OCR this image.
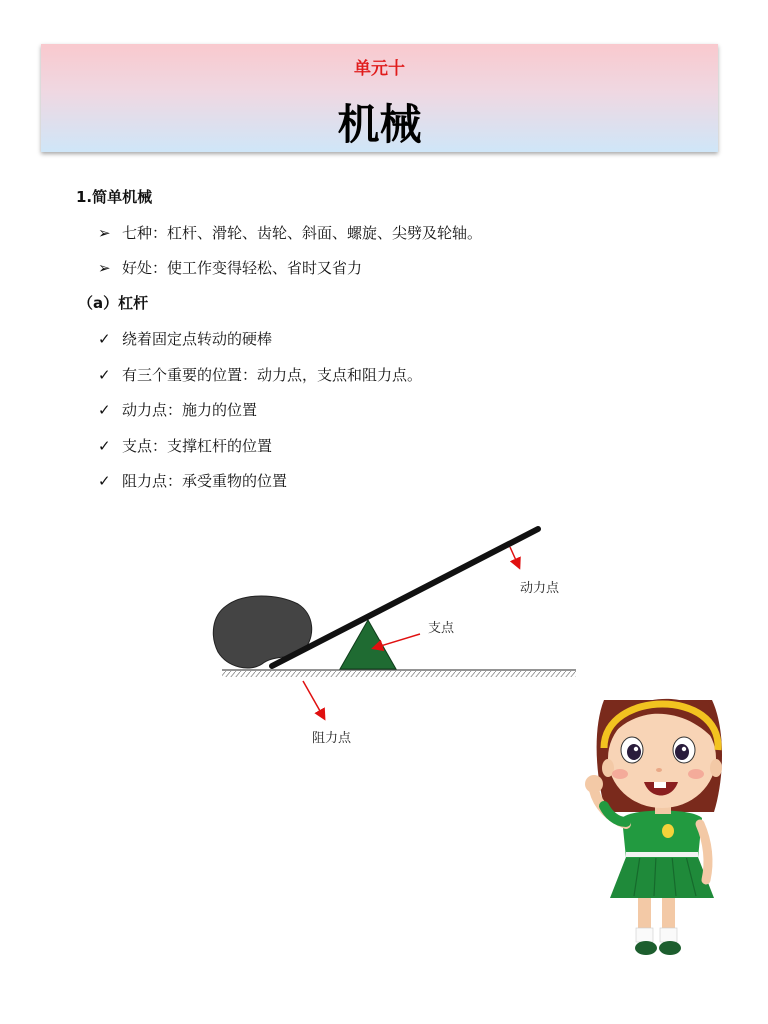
单元十
机械
1.简单机械
➢ 七种：杠杆、滑轮、齿轮、斜面、螺旋、尖劈及轮轴。
➢ 好处：使工作变得轻松、省时又省力
（a）杠杆
✓ 绕着固定点转动的硬棒
✓ 有三个重要的位置：动力点，支点和阻力点。
✓ 动力点：施力的位置
✓ 支点：支撑杠杆的位置
✓ 阻力点：承受重物的位置
动力点
支点
阻力点
